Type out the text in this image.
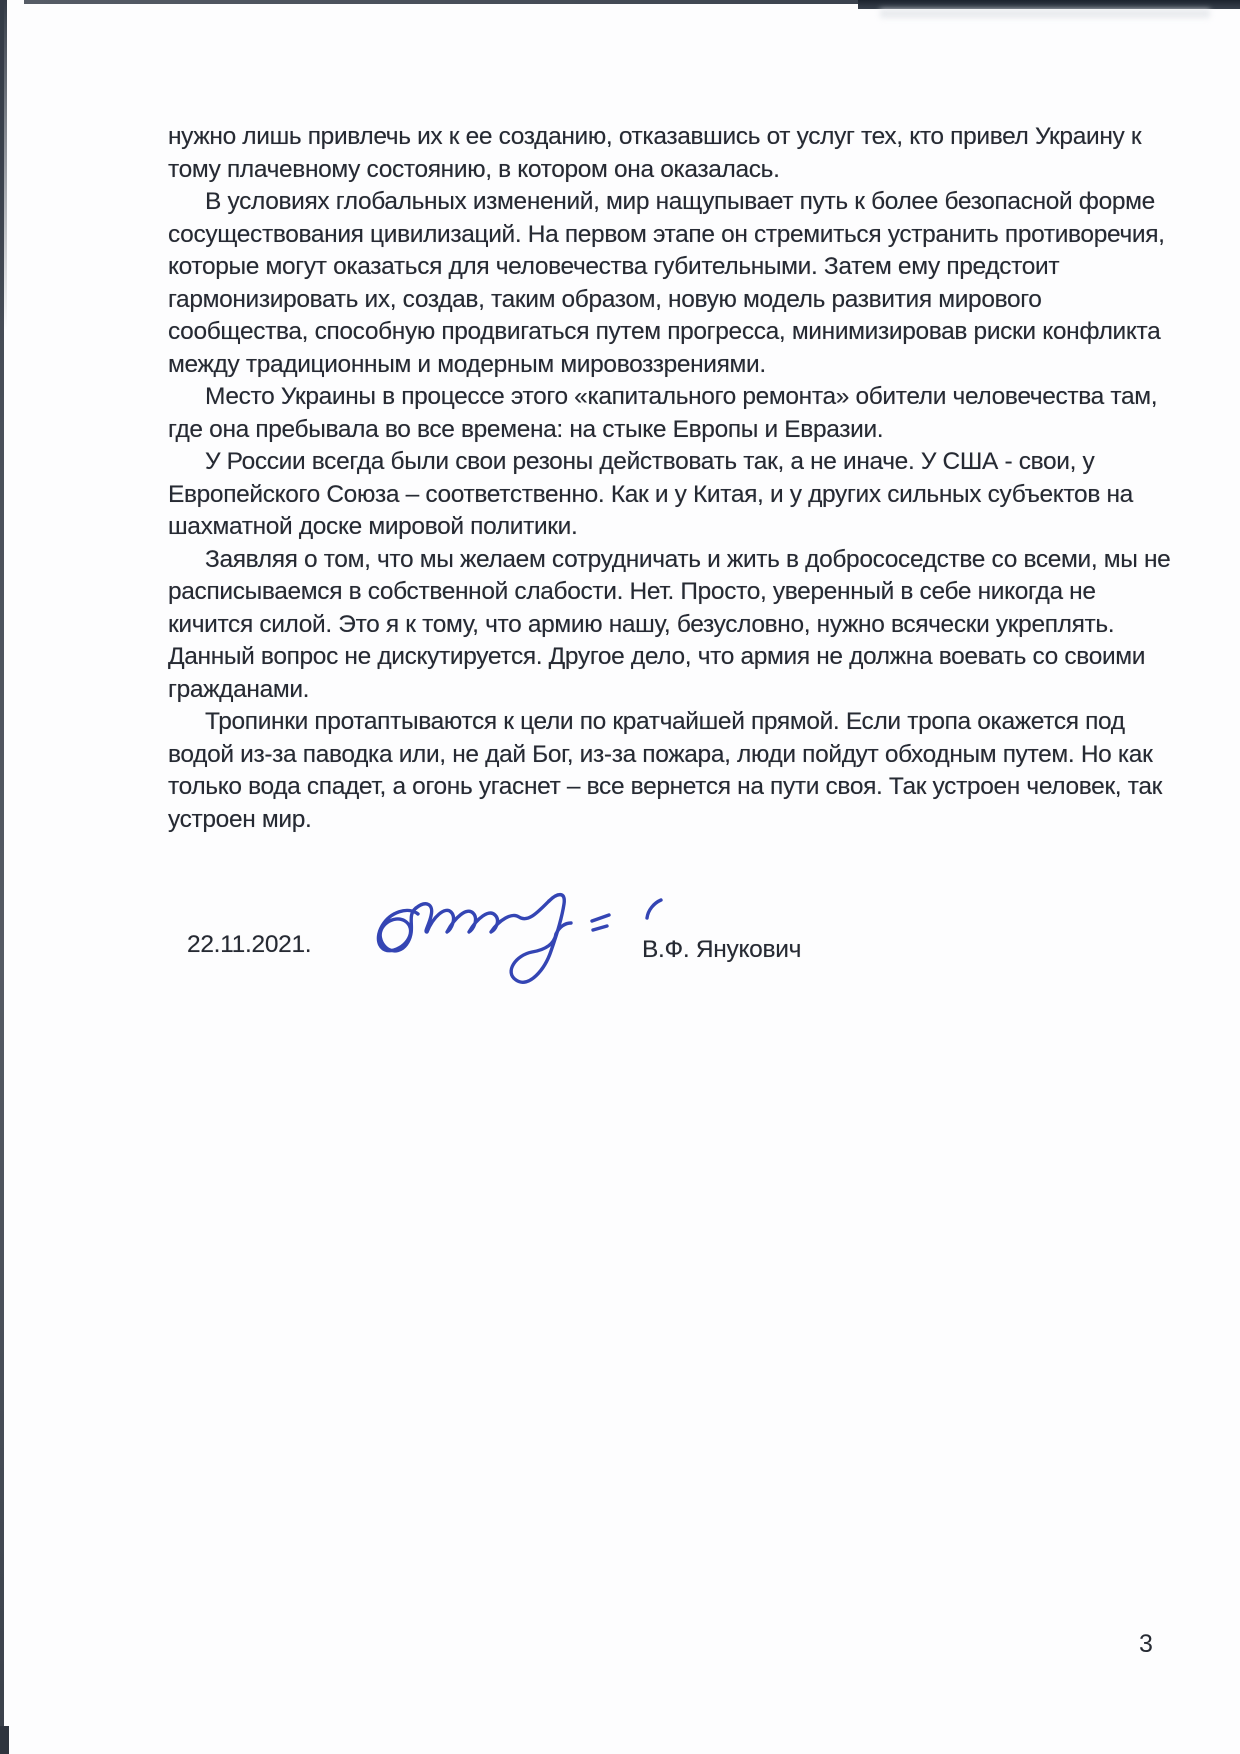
нужно лишь привлечь их к ее созданию, отказавшись от услуг тех, кто привел Украину к
тому плачевному состоянию, в котором она оказалась.
В условиях глобальных изменений, мир нащупывает путь к более безопасной форме
сосуществования цивилизаций. На первом этапе он стремиться устранить противоречия,
которые могут оказаться для человечества губительными. Затем ему предстоит
гармонизировать их, создав, таким образом, новую модель развития мирового
сообщества, способную продвигаться путем прогресса, минимизировав риски конфликта
между традиционным и модерным мировоззрениями.
Место Украины в процессе этого «капитального ремонта» обители человечества там,
где она пребывала во все времена: на стыке Европы и Евразии.
У России всегда были свои резоны действовать так, а не иначе. У США - свои, у
Европейского Союза – соответственно. Как и у Китая, и у других сильных субъектов на
шахматной доске мировой политики.
Заявляя о том, что мы желаем сотрудничать и жить в добрососедстве со всеми, мы не
расписываемся в собственной слабости. Нет. Просто, уверенный в себе никогда не
кичится силой. Это я к тому, что армию нашу, безусловно, нужно всячески укреплять.
Данный вопрос не дискутируется. Другое дело, что армия не должна воевать со своими
гражданами.
Тропинки протаптываются к цели по кратчайшей прямой. Если тропа окажется под
водой из-за паводка или, не дай Бог, из-за пожара, люди пойдут обходным путем. Но как
только вода спадет, а огонь угаснет – все вернется на пути своя. Так устроен человек, так
устроен мир.
22.11.2021.	В.Ф. Янукович
3
